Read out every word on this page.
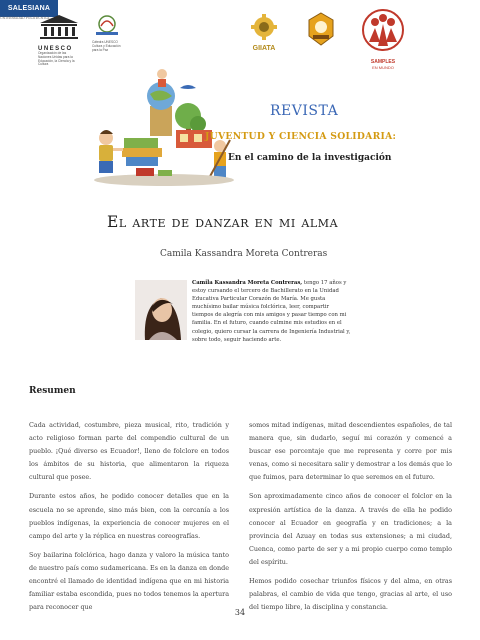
UNESCO
Organización de las Naciones Unidas para la Educación, la Ciencia y la Cultura
Cátedra UNESCO Cultura y Educación para la Paz
SALESIANA
UNIVERSIDAD POLITÉCNICA
GIIATA
SAMPLES
EN MUNDO
REVISTA
JUVENTUD Y CIENCIA SOLIDARIA:
En el camino de la investigación
El arte de danzar en mi alma
Camila Kassandra Moreta Contreras
Camila Kassandra Moreta Contreras, tengo 17 años y estoy cursando el tercero de Bachillerato en la Unidad Educativa Particular Corazón de María. Me gusta muchísimo bailar música folclórica, leer, compartir tiempos de alegría con mis amigos y pasar tiempo con mi familia. En el futuro, cuando culmine mis estudios en el colegio, quiero cursar la carrera de Ingeniería Industrial y, sobre todo, seguir haciendo arte.
Resumen

Cada actividad, costumbre, pieza musical, rito, tradición y acto religioso forman parte del compendio cultural de un pueblo. ¡Qué diverso es Ecuador!, lleno de folclore en todos los ámbitos de su historia, que alimentaron la riqueza cultural que posee.

Durante estos años, he podido conocer detalles que en la escuela no se aprende, sino más bien, con la cercanía a los pueblos indígenas, la experiencia de conocer mujeres en el campo del arte y la réplica en nuestras coreografías.

Soy bailarina folclórica, hago danza y valoro la música tanto de nuestro país como sudamericana. Es en la danza en donde encontré el llamado de identidad indígena que en mi historia familiar estaba escondida, pues no todos tenemos la apertura para reconocer que

somos mitad indígenas, mitad descendientes españoles, de tal manera que, sin dudarlo, seguí mi corazón y comencé a buscar ese porcentaje que me representa y corre por mis venas, como si necesitara salir y demostrar a los demás que lo que fuimos, para determinar lo que seremos en el futuro.

Son aproximadamente cinco años de conocer el folclor en la expresión artística de la danza. A través de ella he podido conocer al Ecuador en geografía y en tradiciones; a la provincia del Azuay en todas sus extensiones; a mi ciudad, Cuenca, como parte de ser y a mi propio cuerpo como templo del espíritu.

Hemos podido cosechar triunfos físicos y del alma, en otras palabras, el cambio de vida que tengo, gracias al arte, el uso del tiempo libre, la disciplina y constancia.

34
